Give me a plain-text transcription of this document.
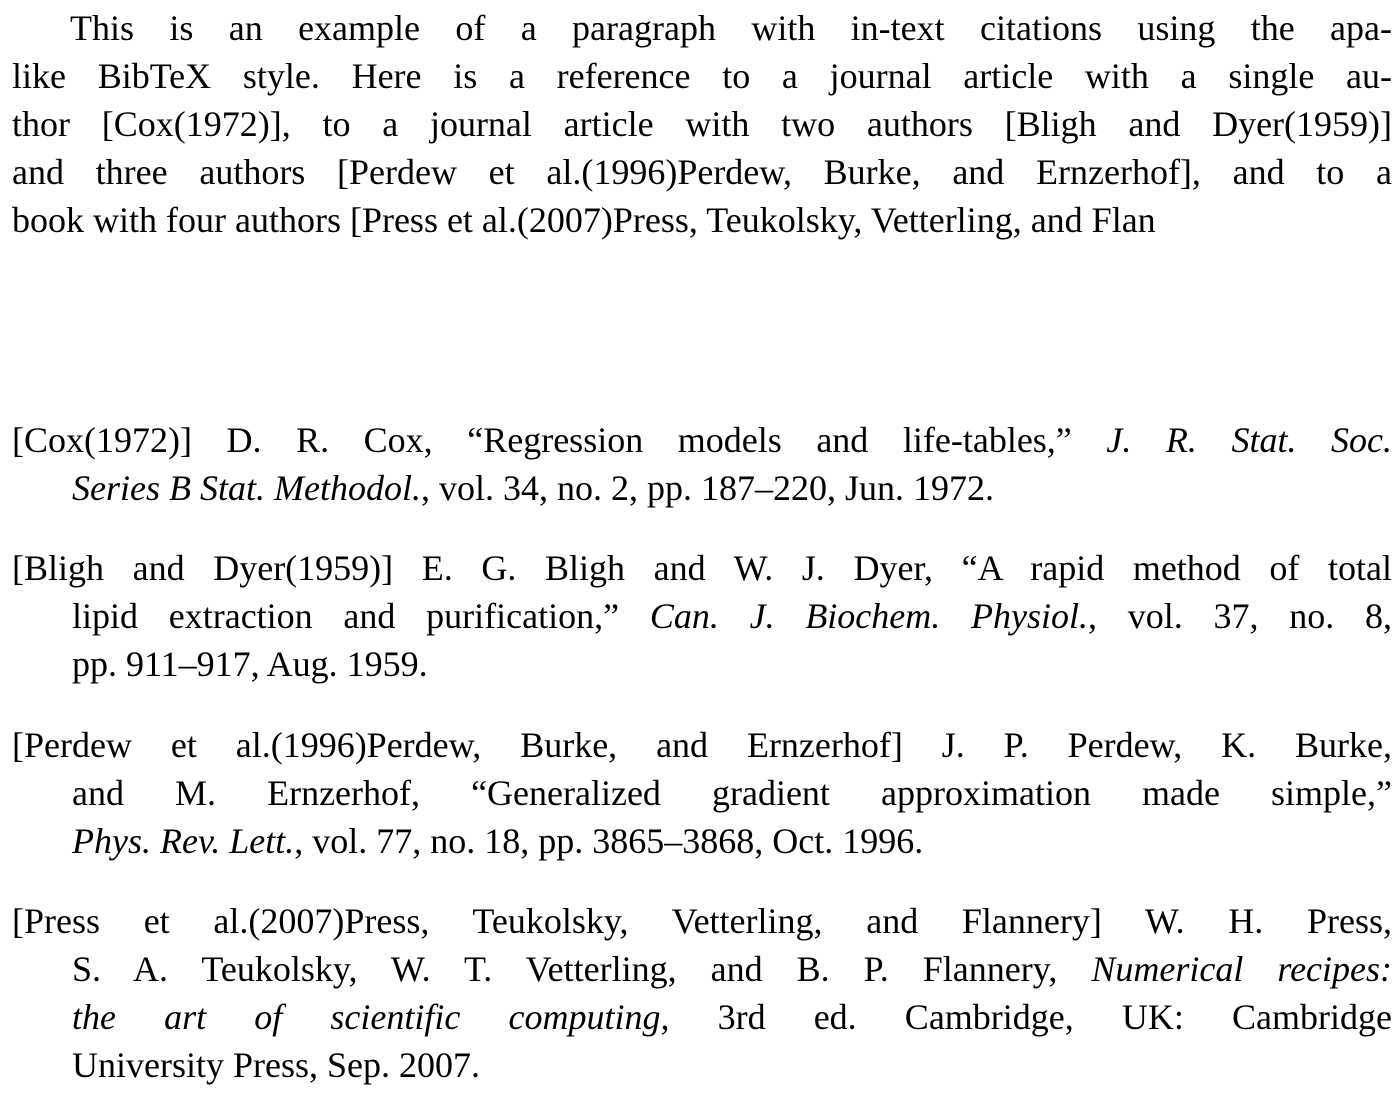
This is an example of a paragraph with in-text citations using the apa-
like BibTeX style. Here is a reference to a journal article with a single au-
thor [Cox(1972)], to a journal article with two authors [Bligh and Dyer(1959)]
and three authors [Perdew et al.(1996)Perdew, Burke, and Ernzerhof], and to a
book with four authors [Press et al.(2007)Press, Teukolsky, Vetterling, and Flan
[Cox(1972)] D. R. Cox, “Regression models and life-tables,” J. R. Stat. Soc.
Series B Stat. Methodol., vol. 34, no. 2, pp. 187–220, Jun. 1972.
[Bligh and Dyer(1959)] E. G. Bligh and W. J. Dyer, “A rapid method of total
lipid extraction and purification,” Can. J. Biochem. Physiol., vol. 37, no. 8,
pp. 911–917, Aug. 1959.
[Perdew et al.(1996)Perdew, Burke, and Ernzerhof] J. P. Perdew, K. Burke,
and M. Ernzerhof, “Generalized gradient approximation made simple,”
Phys. Rev. Lett., vol. 77, no. 18, pp. 3865–3868, Oct. 1996.
[Press et al.(2007)Press, Teukolsky, Vetterling, and Flannery] W. H. Press,
S. A. Teukolsky, W. T. Vetterling, and B. P. Flannery, Numerical recipes:
the art of scientific computing, 3rd ed. Cambridge, UK: Cambridge
University Press, Sep. 2007.
